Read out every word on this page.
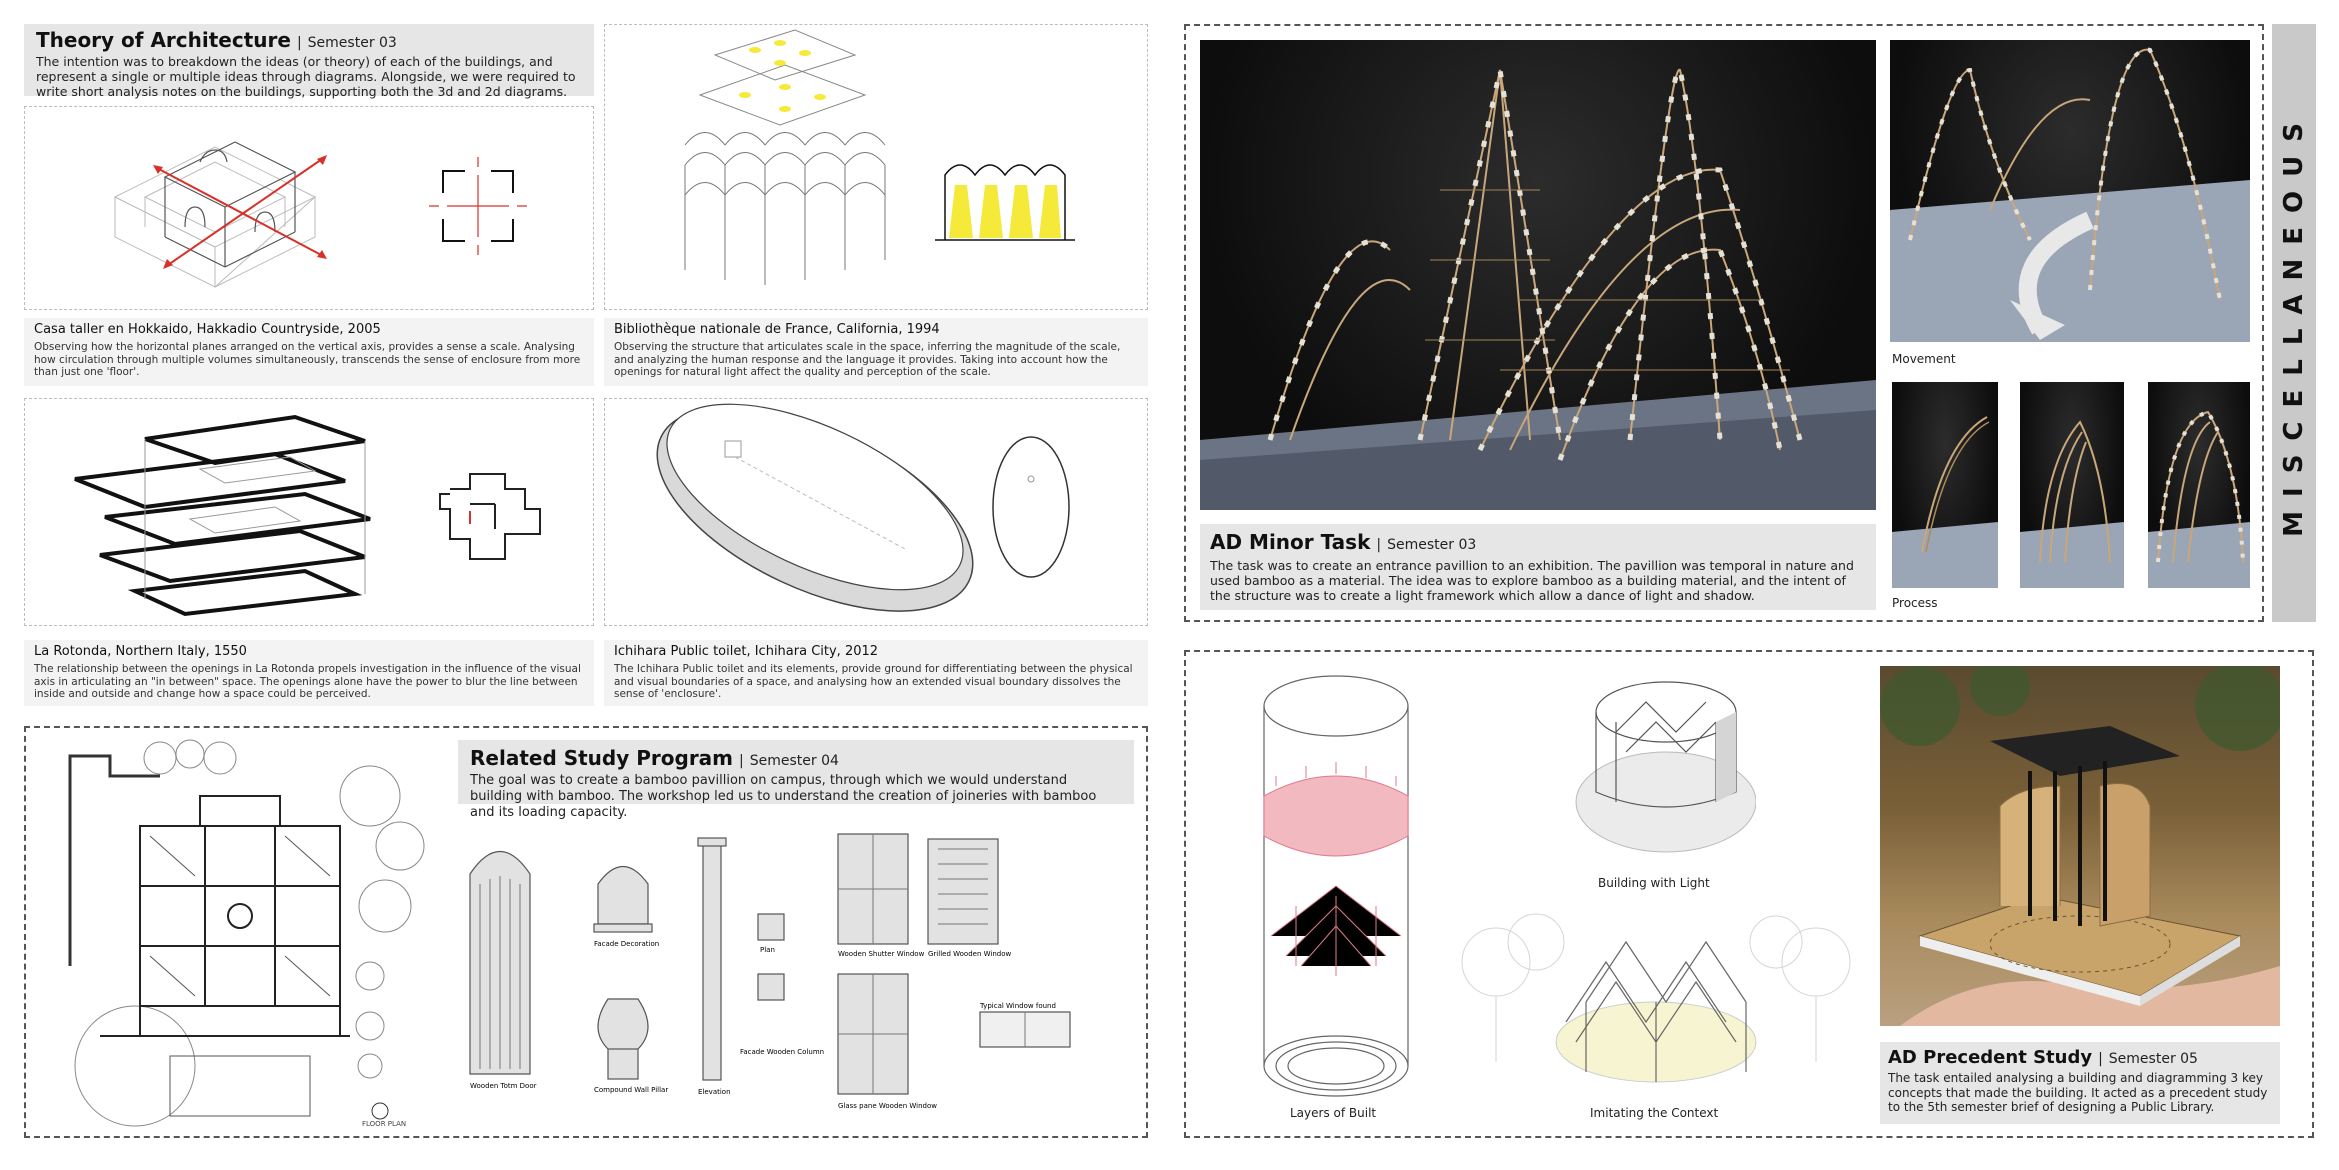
Theory of Architecture | Semester 03
The intention was to breakdown the ideas (or theory) of each of the buildings, and represent a single or multiple ideas through diagrams. Alongside, we were required to write short analysis notes on the buildings, supporting both the 3d and 2d diagrams.
Casa taller en Hokkaido, Hakkadio Countryside, 2005
Observing how the horizontal planes arranged on the vertical axis, provides a sense a scale. Analysing how circulation through multiple volumes simultaneously, transcends the sense of enclosure from more than just one 'floor'.
Bibliothèque nationale de France, California, 1994
Observing the structure that articulates scale in the space, inferring the magnitude of the scale, and analyzing the human response and the language it provides. Taking into account how the openings for natural light affect the quality and perception of the scale.
La Rotonda, Northern Italy, 1550
The relationship between the openings in La Rotonda propels investigation in the influence of the visual axis in articulating an "in between" space. The openings alone have the power to blur the line between inside and outside and change how a space could be perceived.
Ichihara Public toilet, Ichihara City, 2012
The Ichihara Public toilet and its elements, provide ground for differentiating between the physical and visual boundaries of a space, and analysing how an extended visual boundary dissolves the sense of 'enclosure'.
FLOOR PLAN
Related Study Program | Semester 04
The goal was to create a bamboo pavillion on campus, through which we would understand building with bamboo. The workshop led us to understand the creation of joineries with bamboo and its loading capacity.
Wooden Totm Door
Facade Decoration
Compound Wall Pillar
Facade Wooden Column
Plan	Wooden Shutter Window Grilled Wooden Window
Glass pane Wooden Window
Typical Window found
Elevation
AD Minor Task | Semester 03
The task was to create an entrance pavillion to an exhibition. The pavillion was temporal in nature and used bamboo as a material. The idea was to explore bamboo as a building material, and the intent of the structure was to create a light framework which allow a dance of light and shadow.
Movement
Process
MISCELLANEOUS
Layers of Built
Building with Light
Imitating the Context
AD Precedent Study | Semester 05
The task entailed analysing a building and diagramming 3 key concepts that made the building. It acted as a precedent study to the 5th semester brief of designing a Public Library.
